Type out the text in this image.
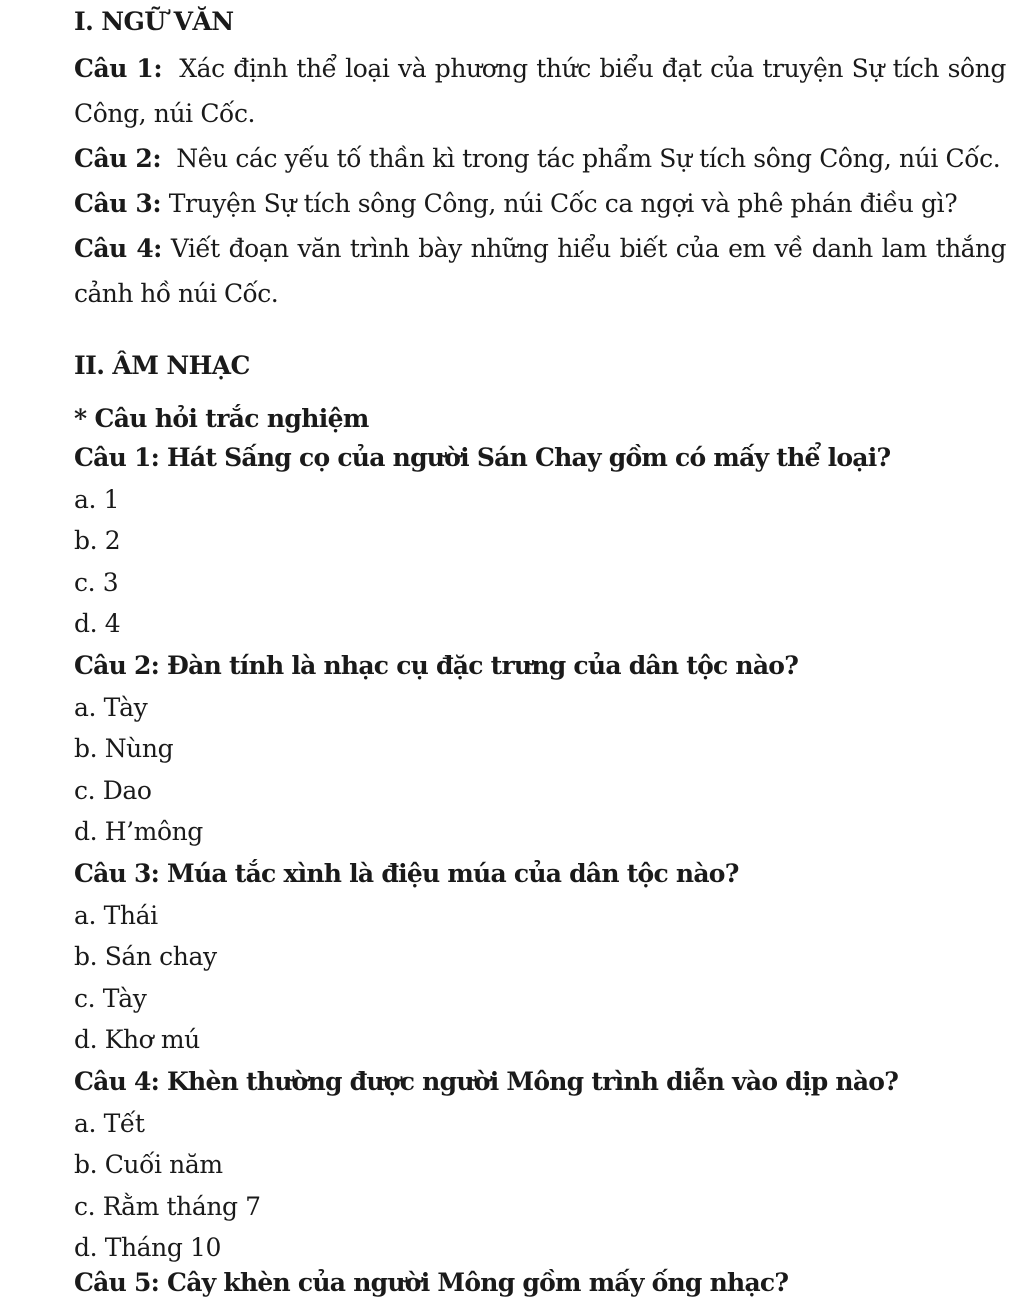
I. NGỮ VĂN

Câu 1: Xác định thể loại và phương thức biểu đạt của truyện Sự tích sông Công, núi Cốc.

Câu 2: Nêu các yếu tố thần kì trong tác phẩm Sự tích sông Công, núi Cốc.

Câu 3: Truyện Sự tích sông Công, núi Cốc ca ngợi và phê phán điều gì?

Câu 4: Viết đoạn văn trình bày những hiểu biết của em về danh lam thắng cảnh hồ núi Cốc.

II. ÂM NHẠC

* Câu hỏi trắc nghiệm

Câu 1: Hát Sấng cọ của người Sán Chay gồm có mấy thể loại?

a. 1

b. 2

c. 3

d. 4

Câu 2: Đàn tính là nhạc cụ đặc trưng của dân tộc nào?

a. Tày

b. Nùng

c. Dao

d. H’mông

Câu 3: Múa tắc xình là điệu múa của dân tộc nào?

a. Thái

b. Sán chay

c. Tày

d. Khơ mú

Câu 4: Khèn thường được người Mông trình diễn vào dịp nào?

a. Tết

b. Cuối năm

c. Rằm tháng 7

d. Tháng 10

Câu 5: Cây khèn của người Mông gồm mấy ống nhạc?
